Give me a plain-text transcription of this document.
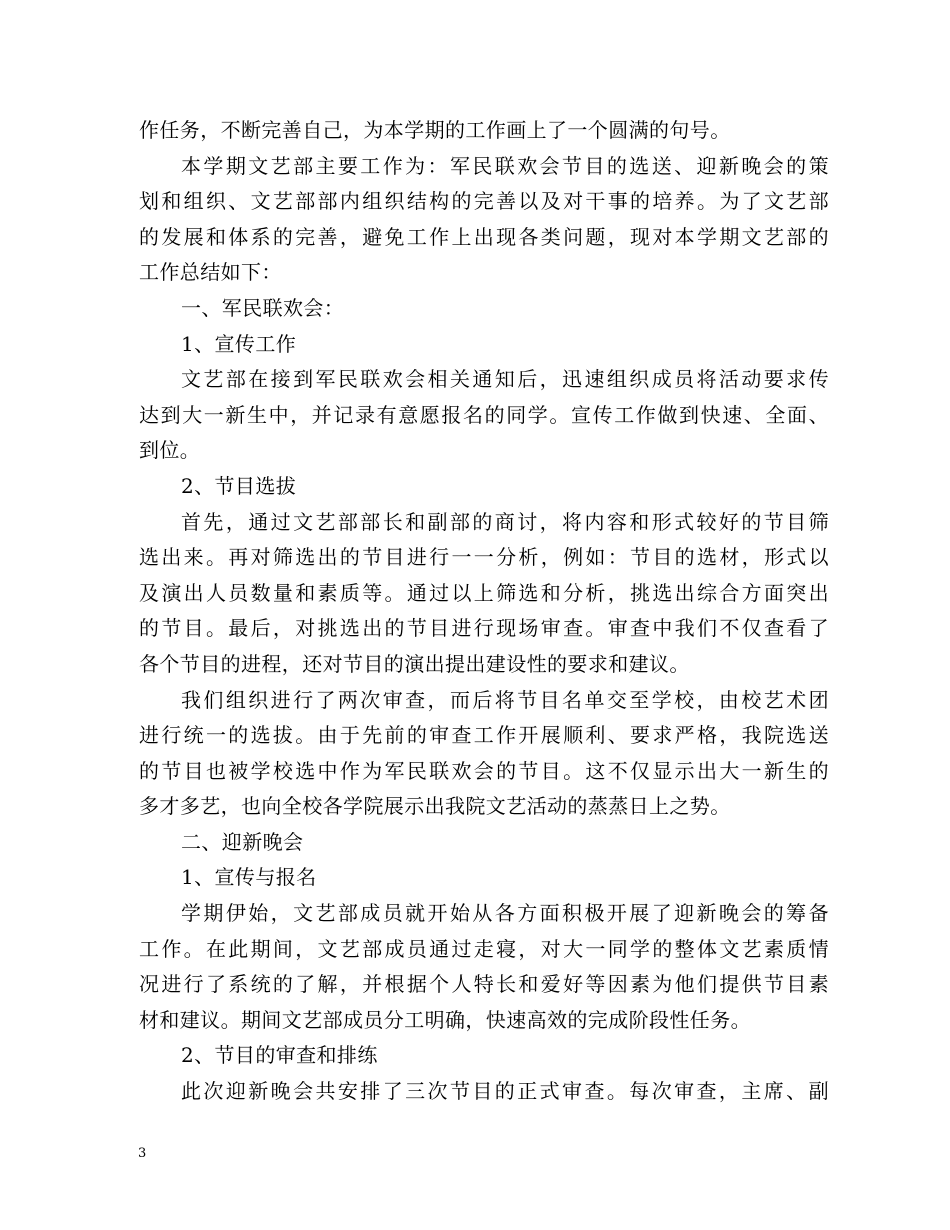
作任务，不断完善自己，为本学期的工作画上了一个圆满的句号。
本学期文艺部主要工作为：军民联欢会节目的选送、迎新晚会的策
划和组织、文艺部部内组织结构的完善以及对干事的培养。为了文艺部
的发展和体系的完善，避免工作上出现各类问题，现对本学期文艺部的
工作总结如下：
一、军民联欢会：
1、宣传工作
文艺部在接到军民联欢会相关通知后，迅速组织成员将活动要求传
达到大一新生中，并记录有意愿报名的同学。宣传工作做到快速、全面、
到位。
2、节目选拔
首先，通过文艺部部长和副部的商讨，将内容和形式较好的节目筛
选出来。再对筛选出的节目进行一一分析，例如：节目的选材，形式以
及演出人员数量和素质等。通过以上筛选和分析，挑选出综合方面突出
的节目。最后，对挑选出的节目进行现场审查。审查中我们不仅查看了
各个节目的进程，还对节目的演出提出建设性的要求和建议。
我们组织进行了两次审查，而后将节目名单交至学校，由校艺术团
进行统一的选拔。由于先前的审查工作开展顺利、要求严格，我院选送
的节目也被学校选中作为军民联欢会的节目。这不仅显示出大一新生的
多才多艺，也向全校各学院展示出我院文艺活动的蒸蒸日上之势。
二、迎新晚会
1、宣传与报名
学期伊始，文艺部成员就开始从各方面积极开展了迎新晚会的筹备
工作。在此期间，文艺部成员通过走寝，对大一同学的整体文艺素质情
况进行了系统的了解，并根据个人特长和爱好等因素为他们提供节目素
材和建议。期间文艺部成员分工明确，快速高效的完成阶段性任务。
2、节目的审查和排练
此次迎新晚会共安排了三次节目的正式审查。每次审查，主席、副
3
